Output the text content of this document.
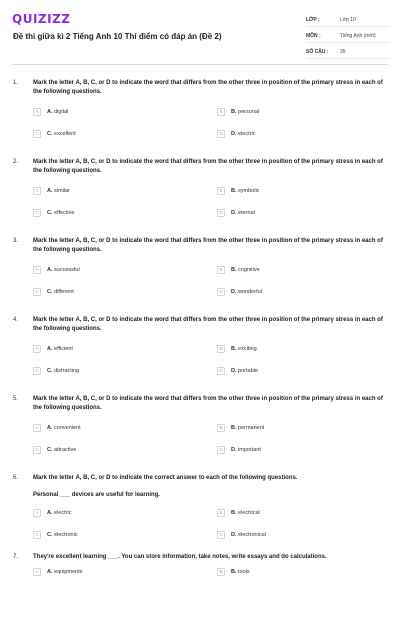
QUIZIZZ
Đề thi giữa kì 2 Tiếng Anh 10 Thí điểm có đáp án (Đề 2)
LỚP :	Lớp 10
MÔN :	Tiếng Anh (mới)
SỐ CÂU :	35
1. Mark the letter A, B, C, or D to indicate the word that differs from the other three in position of the primary stress in each of the following questions.
A	A. digital	B	B. personal
C	C. excellent	D	D. electric
2. Mark the letter A, B, C, or D to indicate the word that differs from the other three in position of the primary stress in each of the following questions.
A	A. similar	B	B. symbolic
C	C. effective	D	D. eternal
3. Mark the letter A, B, C, or D to indicate the word that differs from the other three in position of the primary stress in each of the following questions.
A	A. successful	B	B. cognitive
C	C. different	D	D. wonderful
4. Mark the letter A, B, C, or D to indicate the word that differs from the other three in position of the primary stress in each of the following questions.
A	A. efficient	B	B. exciting
C	C. distracting	D	D. portable
5. Mark the letter A, B, C, or D to indicate the word that differs from the other three in position of the primary stress in each of the following questions.
A	A. convenient	B	B. permanent
C	C. attractive	D	D. important
6. Mark the letter A, B, C, or D to indicate the correct answer to each of the following questions.
Personal ___ devices are useful for learning.
A	A. electric	B	B. electrical
C	C. electronic	D	D. electronical
7. They're excellent learning ___. You can store information, take notes, write essays and do calculations.
A	A. equipments	B	B. tools
